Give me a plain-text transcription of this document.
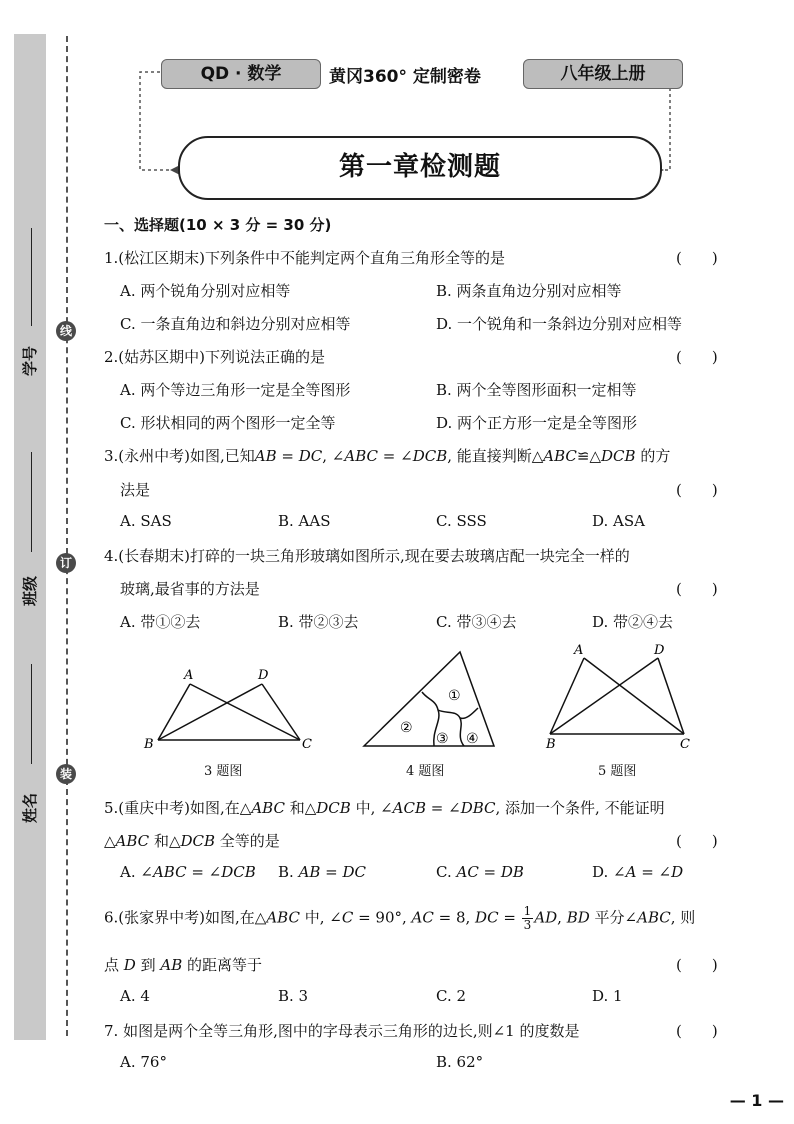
线
订
装
学号
班级
姓名
QD · 数学	黄冈360° 定制密卷	八年级上册
第一章检测题
一、选择题(10 × 3 分 = 30 分)
1.(松江区期末)下列条件中不能判定两个直角三角形全等的是	(　　)
A. 两个锐角分别对应相等	B. 两条直角边分别对应相等
C. 一条直角边和斜边分别对应相等	D. 一个锐角和一条斜边分别对应相等
2.(姑苏区期中)下列说法正确的是	(　　)
A. 两个等边三角形一定是全等图形	B. 两个全等图形面积一定相等
C. 形状相同的两个图形一定全等	D. 两个正方形一定是全等图形
3.(永州中考)如图,已知AB = DC, ∠ABC = ∠DCB, 能直接判断△ABC≌△DCB 的方
法是	(　　)
A. SAS	B. AAS	C. SSS	D. ASA
4.(长春期末)打碎的一块三角形玻璃如图所示,现在要去玻璃店配一块完全一样的
玻璃,最省事的方法是	(　　)
A. 带①②去	B. 带②③去	C. 带③④去	D. 带②④去
A	D
B	C
3 题图
①
②
③ ④
4 题图
A	D
B	C
5 题图
5.(重庆中考)如图,在△ABC 和△DCB 中, ∠ACB = ∠DBC, 添加一个条件, 不能证明
△ABC 和△DCB 全等的是	(　　)
A. ∠ABC = ∠DCB B. AB = DC	C. AC = DB	D. ∠A = ∠D
6.(张家界中考)如图,在△ABC 中, ∠C = 90°, AC = 8, DC = $\frac{1}{3}$ AD, BD 平分∠ABC, 则
点 D 到 AB 的距离等于	(　　)
A. 4	B. 3	C. 2	D. 1
7. 如图是两个全等三角形,图中的字母表示三角形的边长,则∠1 的度数是	(　　)
A. 76°	B. 62°
— 1 —
